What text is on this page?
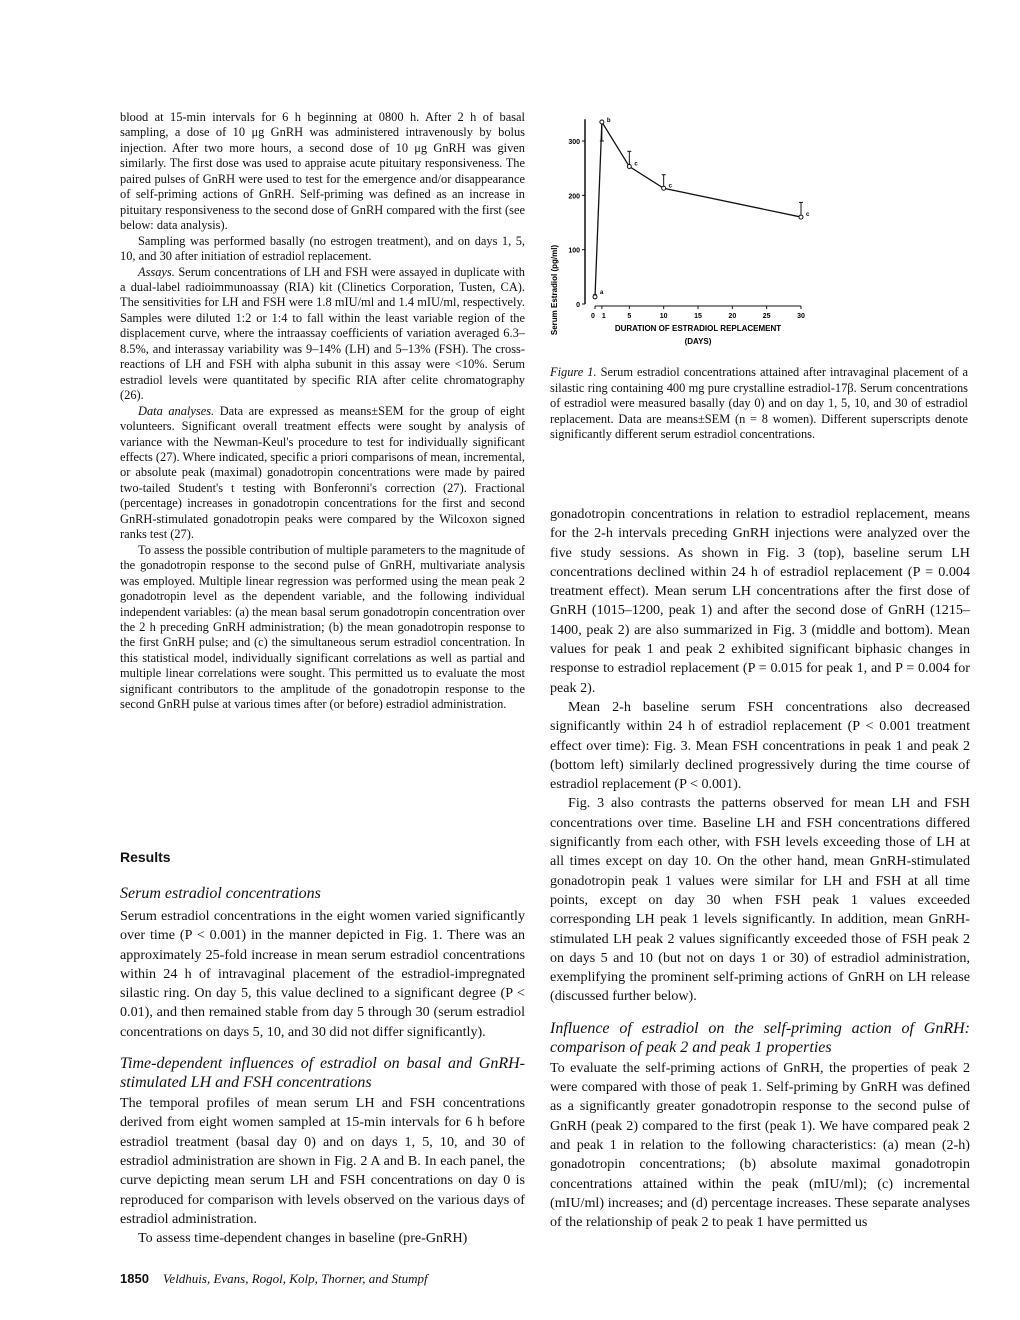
blood at 15-min intervals for 6 h beginning at 0800 h. After 2 h of basal sampling, a dose of 10 μg GnRH was administered intravenously by bolus injection. After two more hours, a second dose of 10 μg GnRH was given similarly. The first dose was used to appraise acute pituitary responsiveness. The paired pulses of GnRH were used to test for the emergence and/or disappearance of self-priming actions of GnRH. Self-priming was defined as an increase in pituitary responsiveness to the second dose of GnRH compared with the first (see below: data analysis).

Sampling was performed basally (no estrogen treatment), and on days 1, 5, 10, and 30 after initiation of estradiol replacement.

Assays. Serum concentrations of LH and FSH were assayed in duplicate with a dual-label radioimmunoassay (RIA) kit (Clinetics Corporation, Tusten, CA). The sensitivities for LH and FSH were 1.8 mIU/ml and 1.4 mIU/ml, respectively. Samples were diluted 1:2 or 1:4 to fall within the least variable region of the displacement curve, where the intraassay coefficients of variation averaged 6.3–8.5%, and interassay variability was 9–14% (LH) and 5–13% (FSH). The cross-reactions of LH and FSH with alpha subunit in this assay were <10%. Serum estradiol levels were quantitated by specific RIA after celite chromatography (26).

Data analyses. Data are expressed as means±SEM for the group of eight volunteers. Significant overall treatment effects were sought by analysis of variance with the Newman-Keul's procedure to test for individually significant effects (27). Where indicated, specific a priori comparisons of mean, incremental, or absolute peak (maximal) gonadotropin concentrations were made by paired two-tailed Student's t testing with Bonferonni's correction (27). Fractional (percentage) increases in gonadotropin concentrations for the first and second GnRH-stimulated gonadotropin peaks were compared by the Wilcoxon signed ranks test (27).

To assess the possible contribution of multiple parameters to the magnitude of the gonadotropin response to the second pulse of GnRH, multivariate analysis was employed. Multiple linear regression was performed using the mean peak 2 gonadotropin level as the dependent variable, and the following individual independent variables: (a) the mean basal serum gonadotropin concentration over the 2 h preceding GnRH administration; (b) the mean gonadotropin response to the first GnRH pulse; and (c) the simultaneous serum estradiol concentration. In this statistical model, individually significant correlations as well as partial and multiple linear correlations were sought. This permitted us to evaluate the most significant contributors to the amplitude of the gonadotropin response to the second GnRH pulse at various times after (or before) estradiol administration.

Results
Serum estradiol concentrations

Serum estradiol concentrations in the eight women varied significantly over time (P < 0.001) in the manner depicted in Fig. 1. There was an approximately 25-fold increase in mean serum estradiol concentrations within 24 h of intravaginal placement of the estradiol-impregnated silastic ring. On day 5, this value declined to a significant degree (P < 0.01), and then remained stable from day 5 through 30 (serum estradiol concentrations on days 5, 10, and 30 did not differ significantly).

Time-dependent influences of estradiol on basal and GnRH-stimulated LH and FSH concentrations

The temporal profiles of mean serum LH and FSH concentrations derived from eight women sampled at 15-min intervals for 6 h before estradiol treatment (basal day 0) and on days 1, 5, 10, and 30 of estradiol administration are shown in Fig. 2 A and B. In each panel, the curve depicting mean serum LH and FSH concentrations on day 0 is reproduced for comparison with levels observed on the various days of estradiol administration.

To assess time-dependent changes in baseline (pre-GnRH)

0
100
200
300
0 1	5	10	15	20	25	30
a
b
c
c
c
Serum Estradiol (pg/ml)	DURATION OF ESTRADIOL REPLACEMENT
(DAYS)
Figure 1. Serum estradiol concentrations attained after intravaginal placement of a silastic ring containing 400 mg pure crystalline estradiol-17β. Serum concentrations of estradiol were measured basally (day 0) and on day 1, 5, 10, and 30 of estradiol replacement. Data are means±SEM (n = 8 women). Different superscripts denote significantly different serum estradiol concentrations.

gonadotropin concentrations in relation to estradiol replacement, means for the 2-h intervals preceding GnRH injections were analyzed over the five study sessions. As shown in Fig. 3 (top), baseline serum LH concentrations declined within 24 h of estradiol replacement (P = 0.004 treatment effect). Mean serum LH concentrations after the first dose of GnRH (1015–1200, peak 1) and after the second dose of GnRH (1215–1400, peak 2) are also summarized in Fig. 3 (middle and bottom). Mean values for peak 1 and peak 2 exhibited significant biphasic changes in response to estradiol replacement (P = 0.015 for peak 1, and P = 0.004 for peak 2).

Mean 2-h baseline serum FSH concentrations also decreased significantly within 24 h of estradiol replacement (P < 0.001 treatment effect over time): Fig. 3. Mean FSH concentrations in peak 1 and peak 2 (bottom left) similarly declined progressively during the time course of estradiol replacement (P < 0.001).

Fig. 3 also contrasts the patterns observed for mean LH and FSH concentrations over time. Baseline LH and FSH concentrations differed significantly from each other, with FSH levels exceeding those of LH at all times except on day 10. On the other hand, mean GnRH-stimulated gonadotropin peak 1 values were similar for LH and FSH at all time points, except on day 30 when FSH peak 1 values exceeded corresponding LH peak 1 levels significantly. In addition, mean GnRH-stimulated LH peak 2 values significantly exceeded those of FSH peak 2 on days 5 and 10 (but not on days 1 or 30) of estradiol administration, exemplifying the prominent self-priming actions of GnRH on LH release (discussed further below).

Influence of estradiol on the self-priming action of GnRH: comparison of peak 2 and peak 1 properties

To evaluate the self-priming actions of GnRH, the properties of peak 2 were compared with those of peak 1. Self-priming by GnRH was defined as a significantly greater gonadotropin response to the second pulse of GnRH (peak 2) compared to the first (peak 1). We have compared peak 2 and peak 1 in relation to the following characteristics: (a) mean (2-h) gonadotropin concentrations; (b) absolute maximal gonadotropin concentrations attained within the peak (mIU/ml); (c) incremental (mIU/ml) increases; and (d) percentage increases. These separate analyses of the relationship of peak 2 to peak 1 have permitted us

1850 Veldhuis, Evans, Rogol, Kolp, Thorner, and Stumpf
